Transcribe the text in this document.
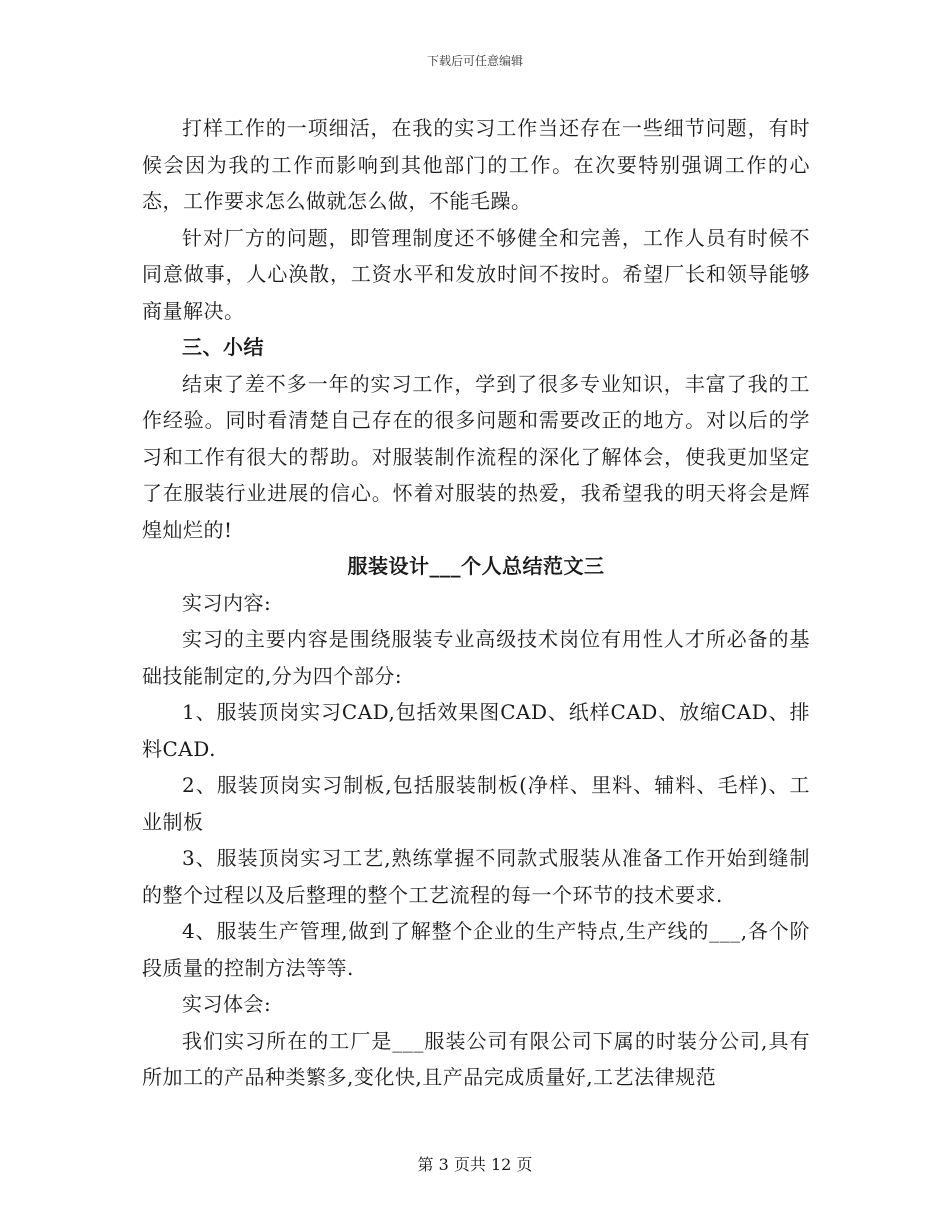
下载后可任意编辑

打样工作的一项细活，在我的实习工作当还存在一些细节问题，有时候会因为我的工作而影响到其他部门的工作。在次要特别强调工作的心态，工作要求怎么做就怎么做，不能毛躁。

针对厂方的问题，即管理制度还不够健全和完善，工作人员有时候不同意做事，人心涣散，工资水平和发放时间不按时。希望厂长和领导能够商量解决。

三、小结

结束了差不多一年的实习工作，学到了很多专业知识，丰富了我的工作经验。同时看清楚自己存在的很多问题和需要改正的地方。对以后的学习和工作有很大的帮助。对服装制作流程的深化了解体会，使我更加坚定了在服装行业进展的信心。怀着对服装的热爱，我希望我的明天将会是辉煌灿烂的!

服装设计___个人总结范文三

实习内容:

实习的主要内容是围绕服装专业高级技术岗位有用性人才所必备的基础技能制定的,分为四个部分:

1、服装顶岗实习CAD,包括效果图CAD、纸样CAD、放缩CAD、排料CAD.

2、服装顶岗实习制板,包括服装制板(净样、里料、辅料、毛样)、工业制板

3、服装顶岗实习工艺,熟练掌握不同款式服装从准备工作开始到缝制的整个过程以及后整理的整个工艺流程的每一个环节的技术要求.

4、服装生产管理,做到了解整个企业的生产特点,生产线的___,各个阶段质量的控制方法等等.

实习体会:

我们实习所在的工厂是___服装公司有限公司下属的时装分公司,具有所加工的产品种类繁多,变化快,且产品完成质量好,工艺法律规范

第 3 页共 12 页
